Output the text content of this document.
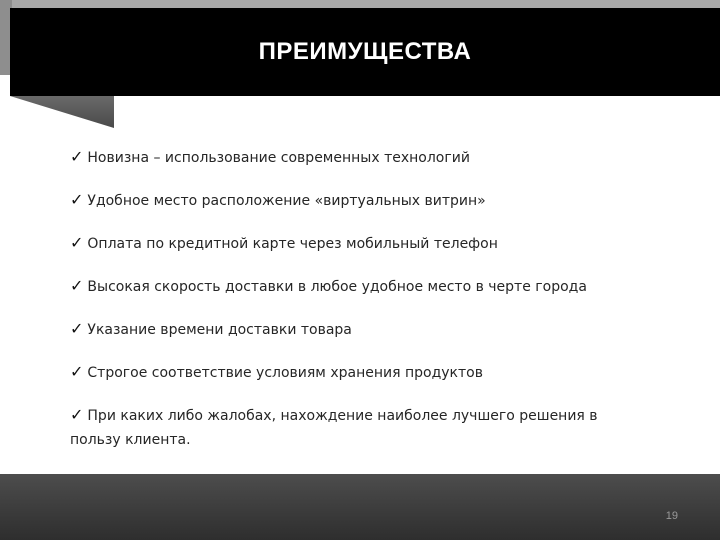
ПРЕИМУЩЕСТВА
✓ Новизна – использование современных технологий
✓ Удобное место расположение «виртуальных витрин»
✓ Оплата по кредитной карте через мобильный телефон
✓ Высокая скорость доставки в любое удобное место в черте города
✓ Указание времени доставки товара
✓ Строгое соответствие условиям хранения продуктов
✓ При каких либо жалобах, нахождение наиболее лучшего решения в пользу клиента.
19
